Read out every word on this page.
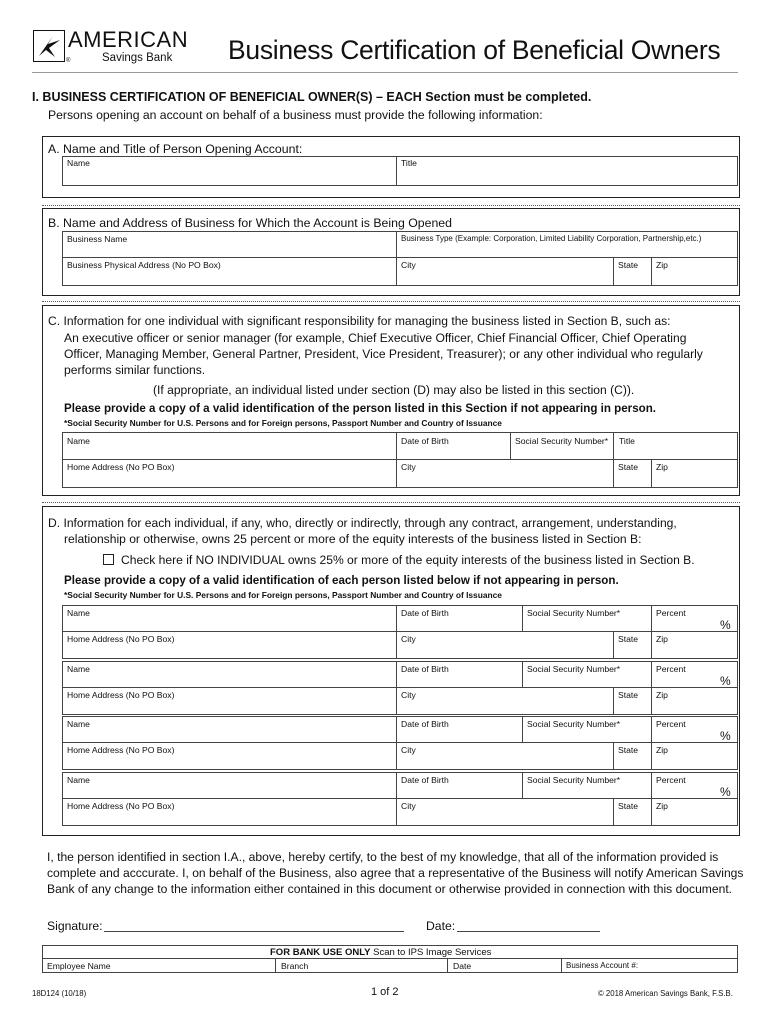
AMERICAN
Savings Bank
®	Business Certification of Beneficial Owners
I. BUSINESS CERTIFICATION OF BENEFICIAL OWNER(S) – EACH Section must be completed.
Persons opening an account on behalf of a business must provide the following information:
A. Name and Title of Person Opening Account:
Name	Title
B. Name and Address of Business for Which the Account is Being Opened
Business Name	Business Type (Example: Corporation, Limited Liability Corporation, Partnership,etc.)
Business Physical Address (No PO Box)	City	State Zip
C. Information for one individual with significant responsibility for managing the business listed in Section B, such as:
An executive officer or senior manager (for example, Chief Executive Officer, Chief Financial Officer, Chief Operating
Officer, Managing Member, General Partner, President, Vice President, Treasurer); or any other individual who regularly
performs similar functions.
(If appropriate, an individual listed under section (D) may also be listed in this section (C)).
Please provide a copy of a valid identification of the person listed in this Section if not appearing in person.
*Social Security Number for U.S. Persons and for Foreign persons, Passport Number and Country of Issuance
Name	Date of Birth	Social Security Number* Title
Home Address (No PO Box)	City	State Zip
D. Information for each individual, if any, who, directly or indirectly, through any contract, arrangement, understanding,
relationship or otherwise, owns 25 percent or more of the equity interests of the business listed in Section B:
Check here if NO INDIVIDUAL owns 25% or more of the equity interests of the business listed in Section B.
Please provide a copy of a valid identification of each person listed below if not appearing in person.
*Social Security Number for U.S. Persons and for Foreign persons, Passport Number and Country of Issuance
Name	Date of Birth	Social Security Number*	Percent
Home Address (No PO Box)	City	State Zip
%
Name	Date of Birth	Social Security Number*	Percent
Home Address (No PO Box)	City	State Zip
%
Name	Date of Birth	Social Security Number*	Percent
Home Address (No PO Box)	City	State Zip
%
Name	Date of Birth	Social Security Number*	Percent
Home Address (No PO Box)	City	State Zip
%
I, the person identified in section I.A., above, hereby certify, to the best of my knowledge, that all of the information provided is
complete and acccurate. I, on behalf of the Business, also agree that a representative of the Business will notify American Savings
Bank of any change to the information either contained in this document or otherwise provided in connection with this document.
Signature:	Date:
FOR BANK USE ONLY Scan to IPS Image Services
Employee Name	Branch	Date	Business Account #:
18D124 (10/18)	1 of 2	© 2018 American Savings Bank, F.S.B.
